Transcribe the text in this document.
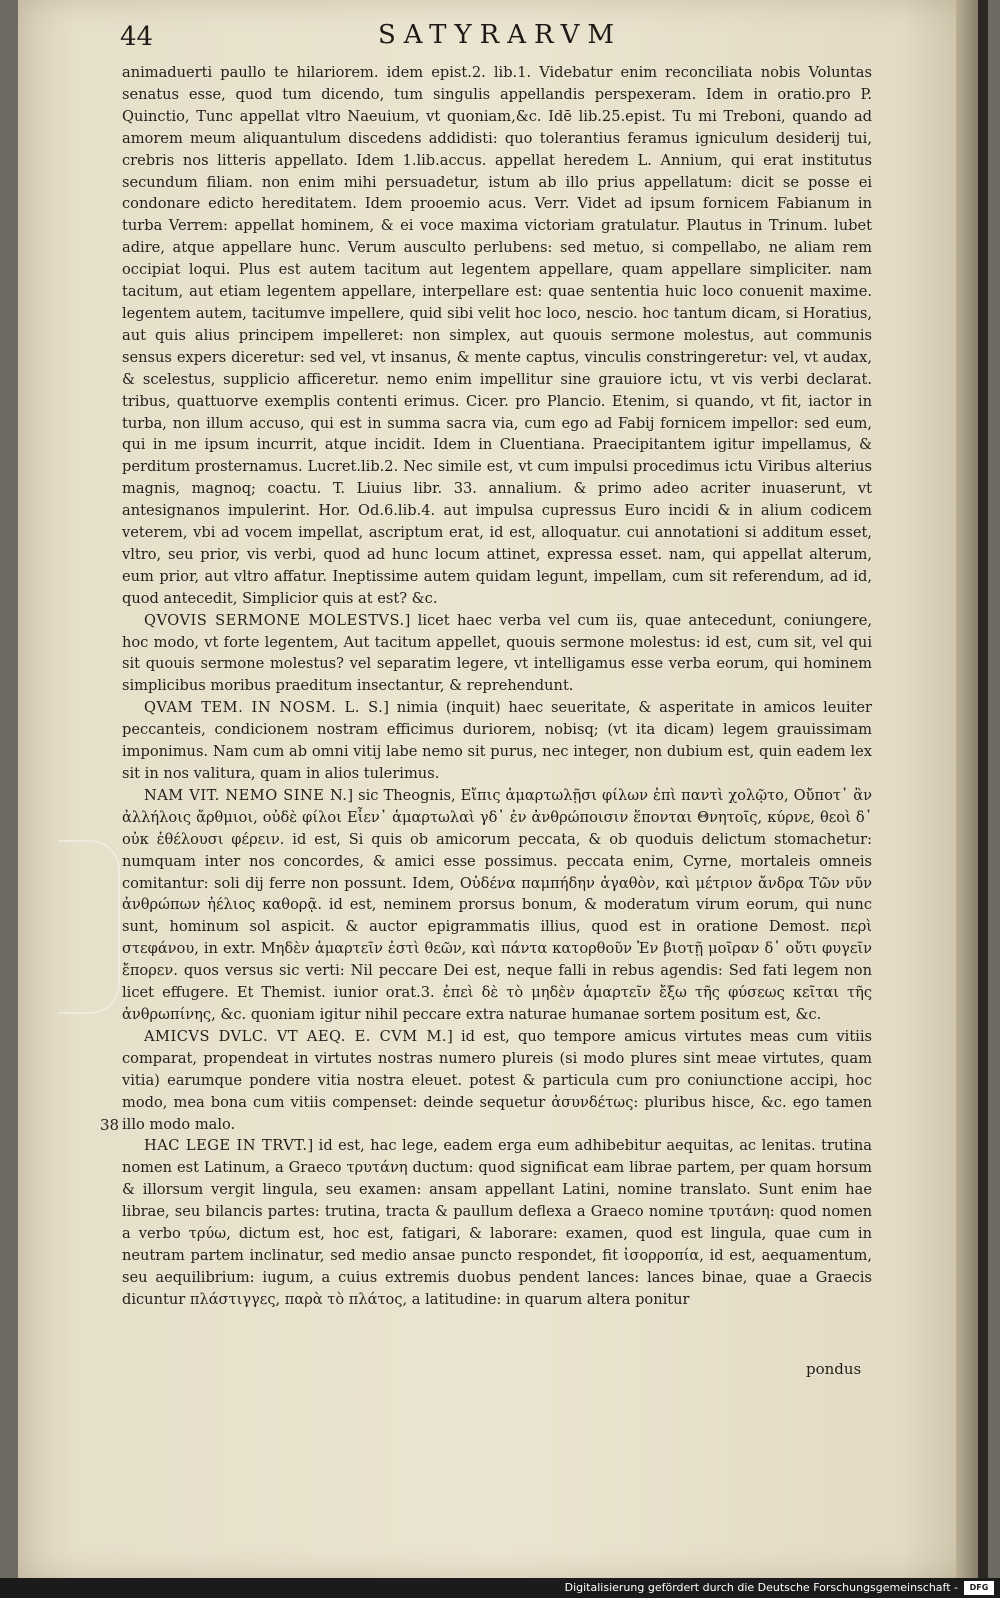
44	SATYRARVM

animaduerti paullo te hilariorem. idem epist.2. lib.1. Videbatur enim reconciliata nobis Voluntas senatus esse, quod tum dicendo, tum singulis appellandis perspexeram. Idem in oratio.pro P. Quinctio, Tunc appellat vltro Naeuium, vt quoniam,&c. Idē lib.25.epist. Tu mi Treboni, quando ad amorem meum aliquantulum discedens addidisti: quo tolerantius feramus igniculum desiderij tui, crebris nos litteris appellato. Idem 1.lib.accus. appellat heredem L. Annium, qui erat institutus secundum filiam. non enim mihi persuadetur, istum ab illo prius appellatum: dicit se posse ei condonare edicto hereditatem. Idem prooemio acus. Verr. Videt ad ipsum fornicem Fabianum in turba Verrem: appellat hominem, & ei voce maxima victoriam gratulatur. Plautus in Trinum. lubet adire, atque appellare hunc. Verum ausculto perlubens: sed metuo, si compellabo, ne aliam rem occipiat loqui. Plus est autem tacitum aut legentem appellare, quam appellare simpliciter. nam tacitum, aut etiam legentem appellare, interpellare est: quae sententia huic loco conuenit maxime. legentem autem, tacitumve impellere, quid sibi velit hoc loco, nescio. hoc tantum dicam, si Horatius, aut quis alius principem impelleret: non simplex, aut quouis sermone molestus, aut communis sensus expers diceretur: sed vel, vt insanus, & mente captus, vinculis constringeretur: vel, vt audax, & scelestus, supplicio afficeretur. nemo enim impellitur sine grauiore ictu, vt vis verbi declarat. tribus, quattuorve exemplis contenti erimus. Cicer. pro Plancio. Etenim, si quando, vt fit, iactor in turba, non illum accuso, qui est in summa sacra via, cum ego ad Fabij fornicem impellor: sed eum, qui in me ipsum incurrit, atque incidit. Idem in Cluentiana. Praecipitantem igitur impellamus, & perditum prosternamus. Lucret.lib.2. Nec simile est, vt cum impulsi procedimus ictu Viribus alterius magnis, magnoq; coactu. T. Liuius libr. 33. annalium. & primo adeo acriter inuaserunt, vt antesignanos impulerint. Hor. Od.6.lib.4. aut impulsa cupressus Euro incidi & in alium codicem veterem, vbi ad vocem impellat, ascriptum erat, id est, alloquatur. cui annotationi si additum esset, vltro, seu prior, vis verbi, quod ad hunc locum attinet, expressa esset. nam, qui appellat alterum, eum prior, aut vltro affatur. Ineptissime autem quidam legunt, impellam, cum sit referendum, ad id, quod antecedit, Simplicior quis at est? &c.

QVOVIS SERMONE MOLESTVS.] licet haec verba vel cum iis, quae antecedunt, coniungere, hoc modo, vt forte legentem, Aut tacitum appellet, quouis sermone molestus: id est, cum sit, vel qui sit quouis sermone molestus? vel separatim legere, vt intelligamus esse verba eorum, qui hominem simplicibus moribus praeditum insectantur, & reprehendunt.

QVAM TEM. IN NOSM. L. S.] nimia (inquit) haec seueritate, & asperitate in amicos leuiter peccanteis, condicionem nostram efficimus duriorem, nobisq; (vt ita dicam) legem grauissimam imponimus. Nam cum ab omni vitij labe nemo sit purus, nec integer, non dubium est, quin eadem lex sit in nos valitura, quam in alios tulerimus.

NAM VIT. NEMO SINE N.] sic Theognis, Εἴπις ἁμαρτωλῇσι φίλων ἐπὶ παντὶ χολῷτο, Οὔποτ᾽ ἂν ἀλλήλοις ἄρθμιοι, οὐδὲ φίλοι Εἶεν᾽ ἁμαρτωλαὶ γδ᾽ ἐν ἀνθρώποισιν ἕπονται Θνητοῖς, κύρνε, θεοὶ δ᾽ οὐκ ἐθέλουσι φέρειν. id est, Si quis ob amicorum peccata, & ob quoduis delictum stomachetur: numquam inter nos concordes, & amici esse possimus. peccata enim, Cyrne, mortaleis omneis comitantur: soli dij ferre non possunt. Idem, Οὐδένα παμπήδην ἀγαθὸν, καὶ μέτριον ἄνδρα Τῶν νῦν ἀνθρώπων ἠέλιος καθορᾷ. id est, neminem prorsus bonum, & moderatum virum eorum, qui nunc sunt, hominum sol aspicit. & auctor epigrammatis illius, quod est in oratione Demost. περὶ στεφάνου, in extr. Μηδὲν ἁμαρτεῖν ἐστὶ θεῶν, καὶ πάντα κατορθοῦν Ἐν βιοτῇ μοῖραν δ᾽ οὔτι φυγεῖν ἔπορεν. quos versus sic verti: Nil peccare Dei est, neque falli in rebus agendis: Sed fati legem non licet effugere. Et Themist. iunior orat.3. ἐπεὶ δὲ τὸ μηδὲν ἁμαρτεῖν ἔξω τῆς φύσεως κεῖται τῆς ἀνθρωπίνης, &c. quoniam igitur nihil peccare extra naturae humanae sortem positum est, &c.

AMICVS DVLC. VT AEQ. E. CVM M.] id est, quo tempore amicus virtutes meas cum vitiis comparat, propendeat in virtutes nostras numero plureis (si modo plures sint meae virtutes, quam vitia) earumque pondere vitia nostra eleuet. potest & particula cum pro coniunctione accipi, hoc modo, mea bona cum vitiis compenset: deinde sequetur ἀσυνδέτως: pluribus hisce, &c. ego tamen illo modo malo.

HAC LEGE IN TRVT.] id est, hac lege, eadem erga eum adhibebitur aequitas, ac lenitas. trutina nomen est Latinum, a Graeco τρυτάνη ductum: quod significat eam librae partem, per quam horsum & illorsum vergit lingula, seu examen: ansam appellant Latini, nomine translato. Sunt enim hae librae, seu bilancis partes: trutina, tracta & paullum deflexa a Graeco nomine τρυτάνη: quod nomen a verbo τρύω, dictum est, hoc est, fatigari, & laborare: examen, quod est lingula, quae cum in neutram partem inclinatur, sed medio ansae puncto respondet, fit ἰσορροπία, id est, aequamentum, seu aequilibrium: iugum, a cuius extremis duobus pendent lances: lances binae, quae a Graecis dicuntur πλάστιγγες, παρὰ τὸ πλάτος, a latitudine: in quarum altera ponitur

38
pondus
Digitalisierung gefördert durch die Deutsche Forschungsgemeinschaft -	DFG
